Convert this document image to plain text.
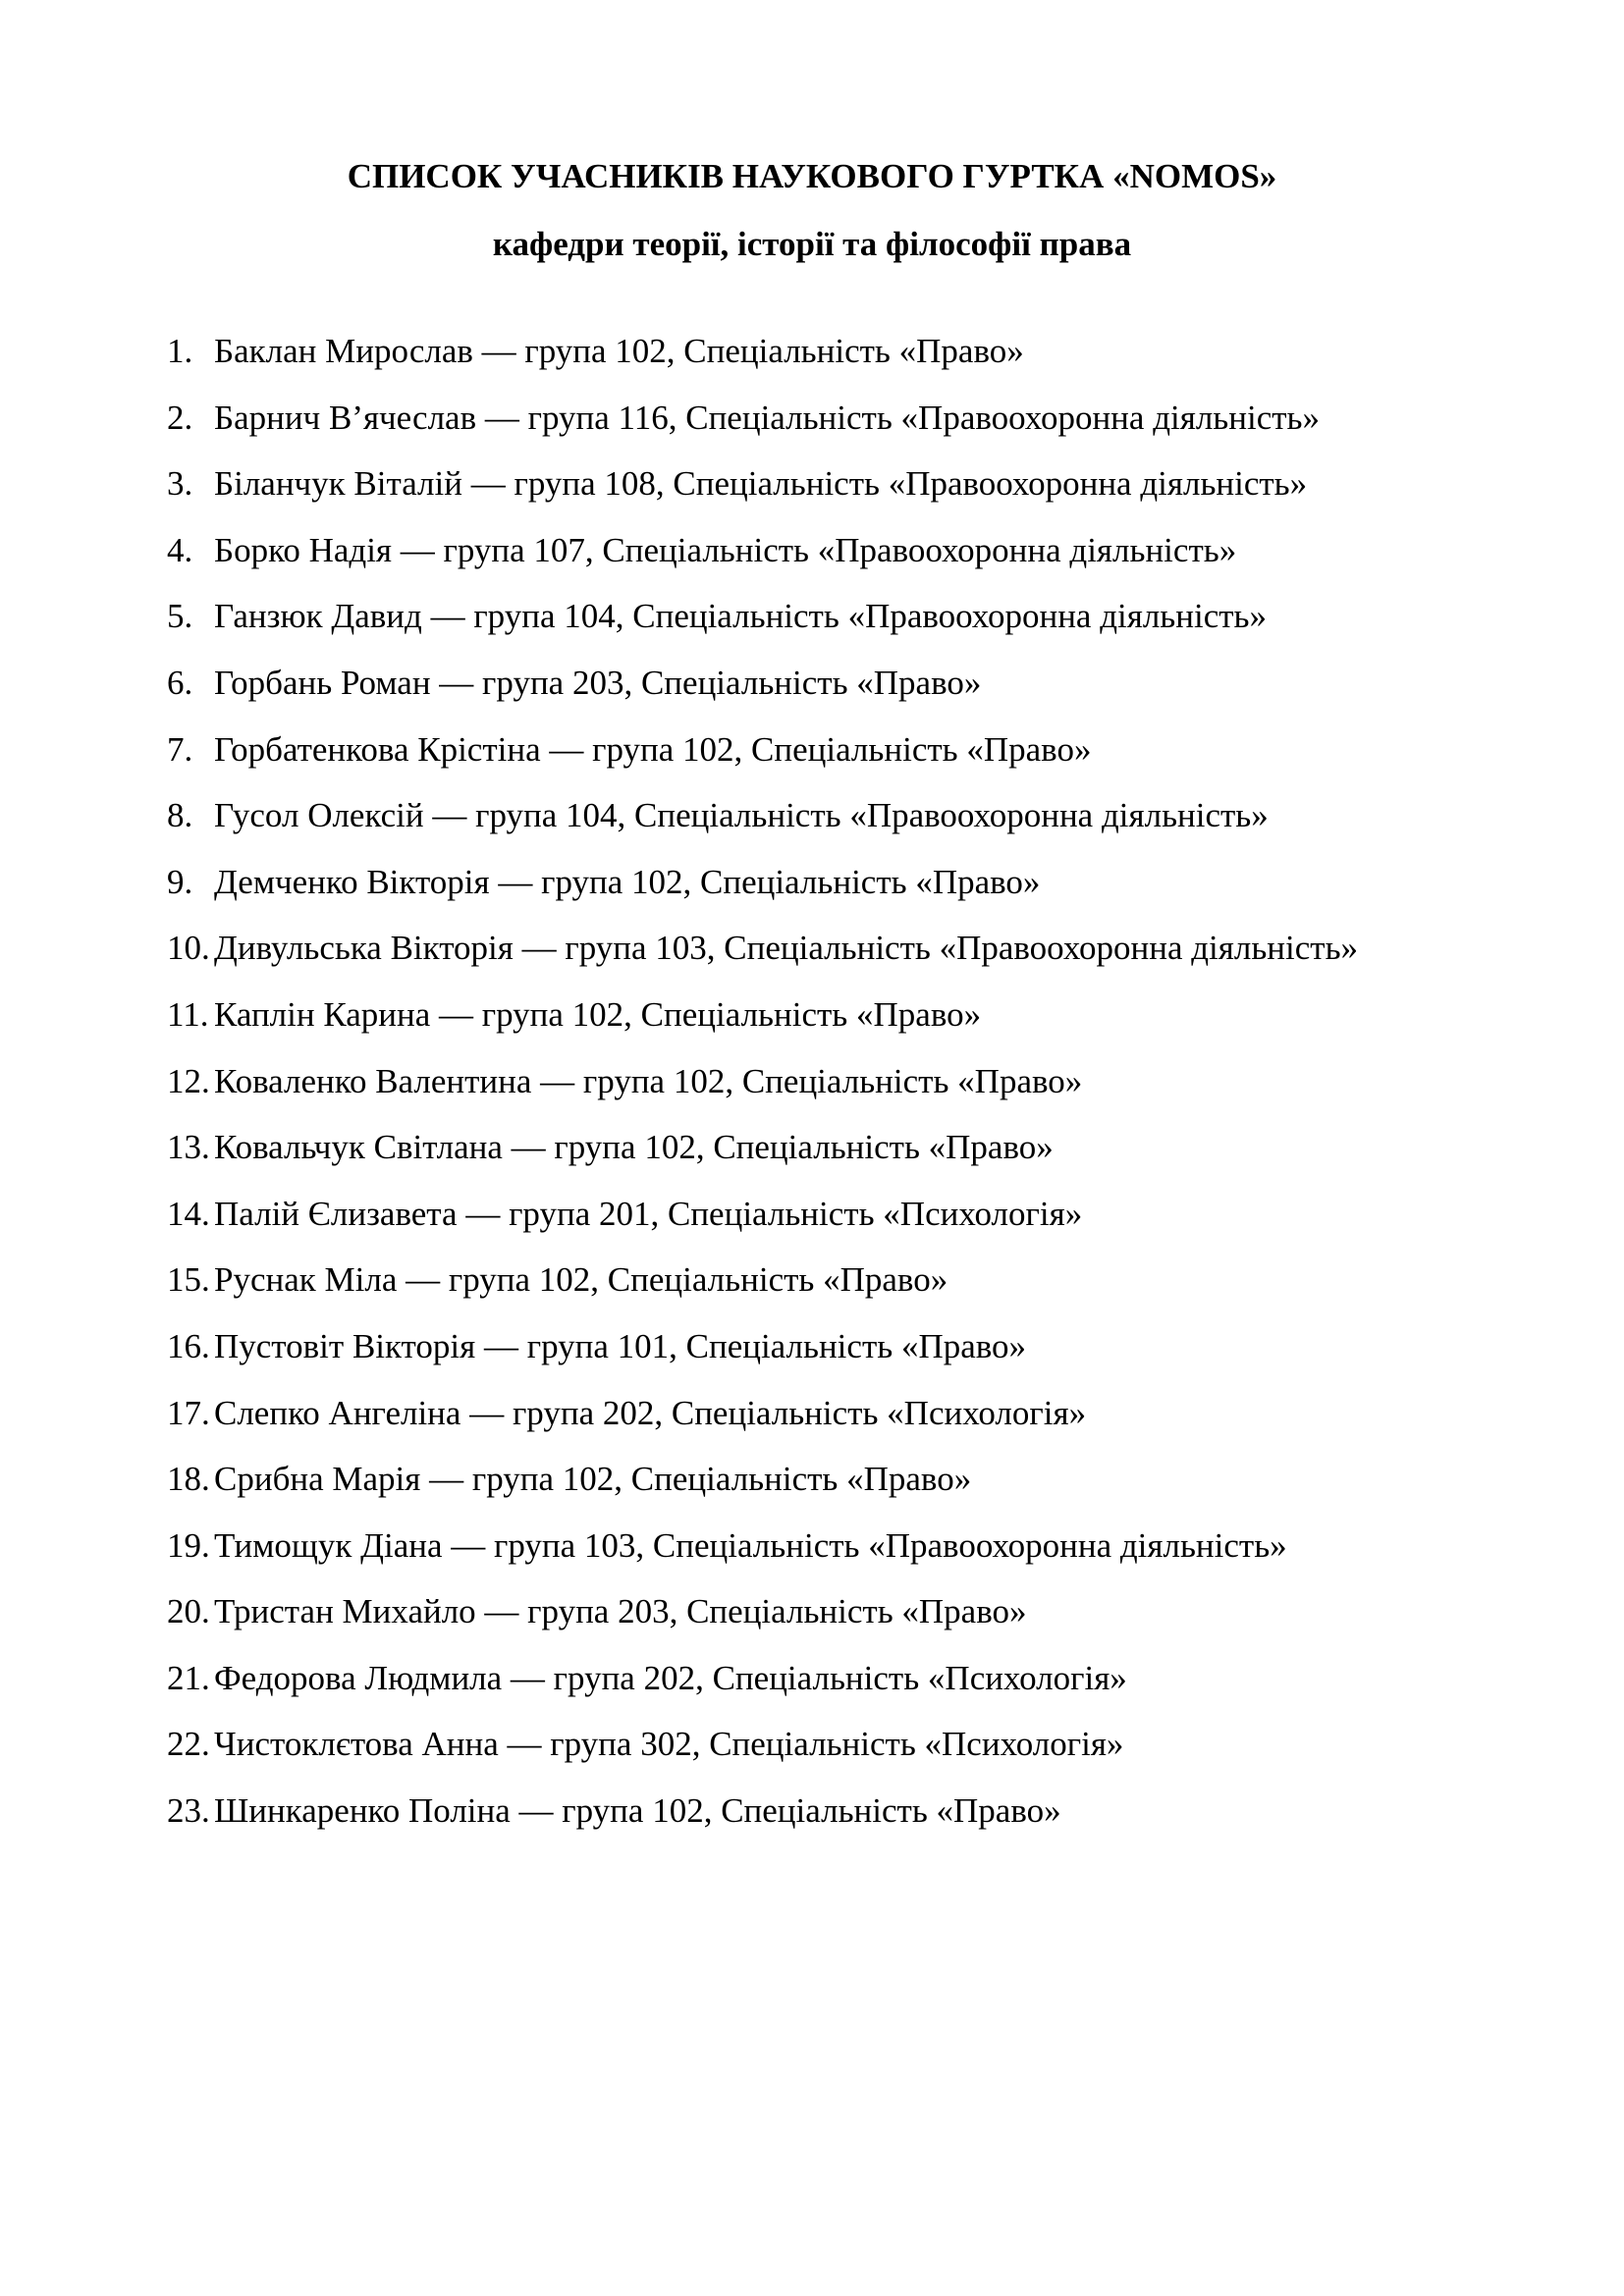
СПИСОК УЧАСНИКІВ НАУКОВОГО ГУРТКА «NOMOS»
кафедри теорії, історії та філософії права
1. Баклан Мирослав — група 102, Спеціальність «Право»
2. Барнич В’ячеслав — група 116, Спеціальність «Правоохоронна діяльність»
3. Біланчук Віталій — група 108, Спеціальність «Правоохоронна діяльність»
4. Борко Надія — група 107, Спеціальність «Правоохоронна діяльність»
5. Ганзюк Давид — група 104, Спеціальність «Правоохоронна діяльність»
6. Горбань Роман — група 203, Спеціальність «Право»
7. Горбатенкова Крістіна — група 102, Спеціальність «Право»
8. Гусол Олексій — група 104, Спеціальність «Правоохоронна діяльність»
9. Демченко Вікторія — група 102, Спеціальність «Право»
10. Дивульська Вікторія — група 103, Спеціальність «Правоохоронна діяльність»
11. Каплін Карина — група 102, Спеціальність «Право»
12. Коваленко Валентина — група 102, Спеціальність «Право»
13. Ковальчук Світлана — група 102, Спеціальність «Право»
14. Палій Єлизавета — група 201, Спеціальність «Психологія»
15. Руснак Міла — група 102, Спеціальність «Право»
16. Пустовіт Вікторія — група 101, Спеціальність «Право»
17. Слепко Ангеліна — група 202, Спеціальність «Психологія»
18. Срибна Марія — група 102, Спеціальність «Право»
19. Тимощук Діана — група 103, Спеціальність «Правоохоронна діяльність»
20. Тристан Михайло — група 203, Спеціальність «Право»
21. Федорова Людмила — група 202, Спеціальність «Психологія»
22. Чистоклєтова Анна — група 302, Спеціальність «Психологія»
23. Шинкаренко Поліна — група 102, Спеціальність «Право»
